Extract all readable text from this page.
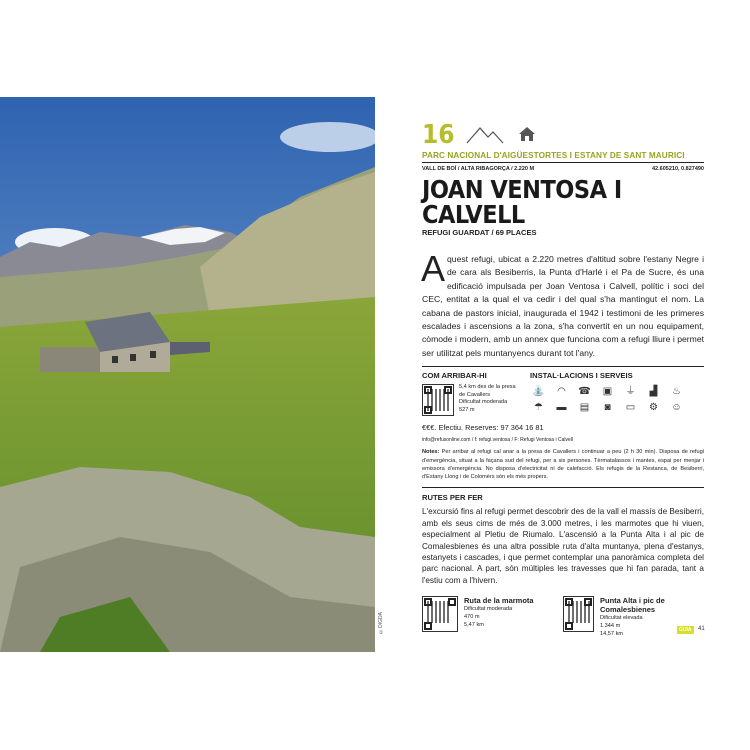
©DIGDA
16
PARC NACIONAL D'AIGÜESTORTES I ESTANY DE SANT MAURICI
VALL DE BOÍ / ALTA RIBAGORÇA / 2.220 M	42.605210, 0.827490
JOAN VENTOSA I CALVELL
REFUGI GUARDAT / 69 PLACES
Aquest refugi, ubicat a 2.220 metres d'altitud sobre l'estany Negre i de cara als Besiberris, la Punta d'Harlé i el Pa de Sucre, és una edificació impulsada per Joan Ventosa i Calvell, polític i soci del CEC, entitat a la qual el va cedir i del qual s'ha mantingut el nom. La cabana de pastors inicial, inaugurada el 1942 i testimoni de les primeres escalades i ascensions a la zona, s'ha convertit en un nou equipament, còmode i modern, amb un annex que funciona com a refugi lliure i permet ser utilitzat pels muntanyencs durant tot l'any.
COM ARRIBAR-HI
5,4 km des de la presa
de Cavallers
Dificultat moderada
527 m
INSTAL·LACIONS I SERVEIS
⛲	◠	☎	▣	⏚	▟	♨
☂	▬	▤	◙	▭	⚙	☺
€€€. Efectiu. Reserves: 97 364 16 81
info@refusonline.com / f: refugi.ventosa / F: Refugi Ventosa i Calvell
Notes: Per arribar al refugi cal anar a la presa de Cavallers i continuar a peu (2 h 30 min). Disposa de refugi d'emergència, situat a la façana sud del refugi, per a sis persones. Tèrmatalassos i mantes, espai per menjar i emissora d'emergència. No disposa d'electricitat ni de calefacció. Els refugis de la Restanca, de Besiberri, d'Estany Llong i de Colomèrs són els més propers.
RUTES PER FER
L'excursió fins al refugi permet descobrir des de la vall el massís de Besiberri, amb els seus cims de més de 3.000 metres, i les marmotes que hi viuen, especialment al Pletiu de Riumalo. L'ascensió a la Punta Alta i al pic de Comalesbienes és una altra possible ruta d'alta muntanya, plena d'estanys, estanyets i cascades, i que permet contemplar una panoràmica completa del parc nacional. A part, són múltiples les travesses que hi fan parada, tant a l'estiu com a l'hivern.
Ruta de la marmota
Dificultat moderada
470 m
5,47 km
Punta Alta i pic de Comalesbienes
Dificultat elevada
1.344 m
14,57 km
GUIA	41
